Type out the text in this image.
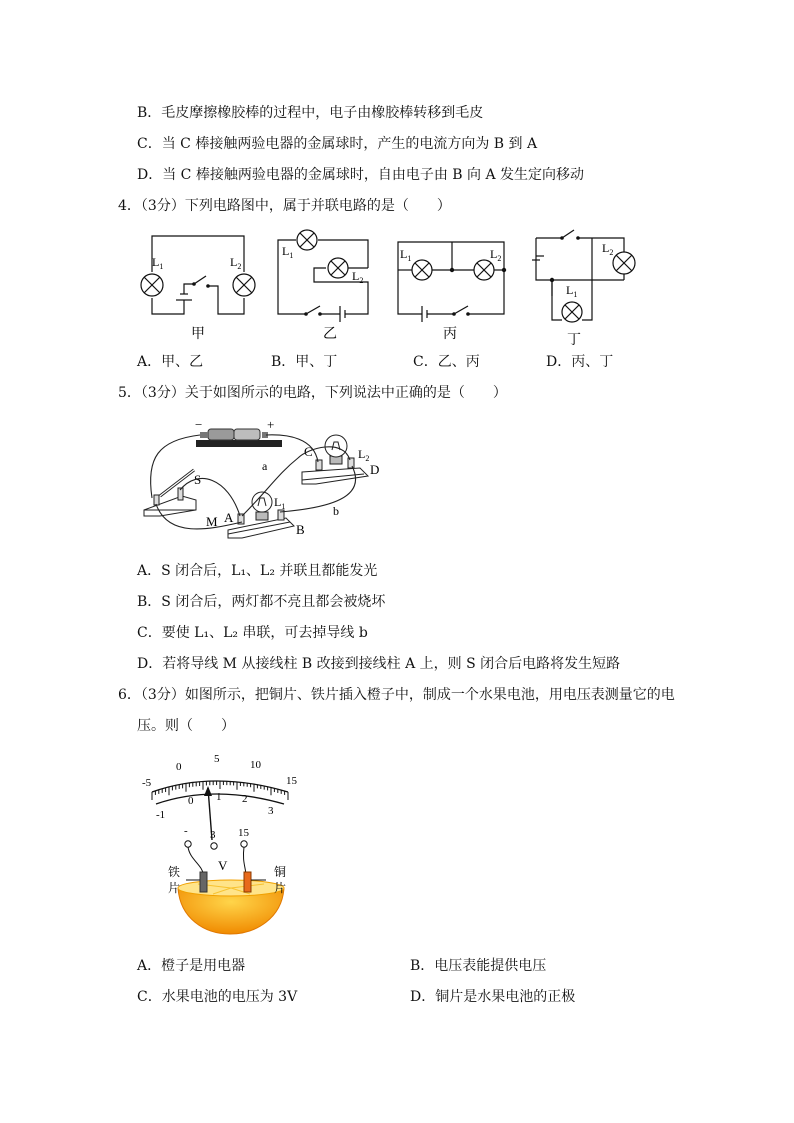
B．毛皮摩擦橡胶棒的过程中，电子由橡胶棒转移到毛皮
C．当 C 棒接触两验电器的金属球时，产生的电流方向为 B 到 A
D．当 C 棒接触两验电器的金属球时，自由电子由 B 向 A 发生定向移动
4．（3分）下列电路图中，属于并联电路的是（　　）
$L_1$	$L_2$
甲
$L_1$
$L_2$
乙
$L_1$	$L_2$
丙
$L_2$
$L_1$
丁
A．甲、乙	B．甲、丁	C．乙、丙	D．丙、丁
5．（3分）关于如图所示的电路，下列说法中正确的是（　　）
−	+
S
C	$L_2$
D
$L_1$
A
B
a
b
M
A．S 闭合后，L₁、L₂ 并联且都能发光
B．S 闭合后，两灯都不亮且都会被烧坏
C．要使 L₁、L₂ 串联，可去掉导线 b
D．若将导线 M 从接线柱 B 改接到接线柱 A 上，则 S 闭合后电路将发生短路
6．（3分）如图所示，把铜片、铁片插入橙子中，制成一个水果电池，用电压表测量它的电
压。则（　　）
-5
0
5	10
15
-1
0 1 2
3
- 3 15
V
铁
片
铜
片
A．橙子是用电器	B．电压表能提供电压
C．水果电池的电压为 3V	D．铜片是水果电池的正极
